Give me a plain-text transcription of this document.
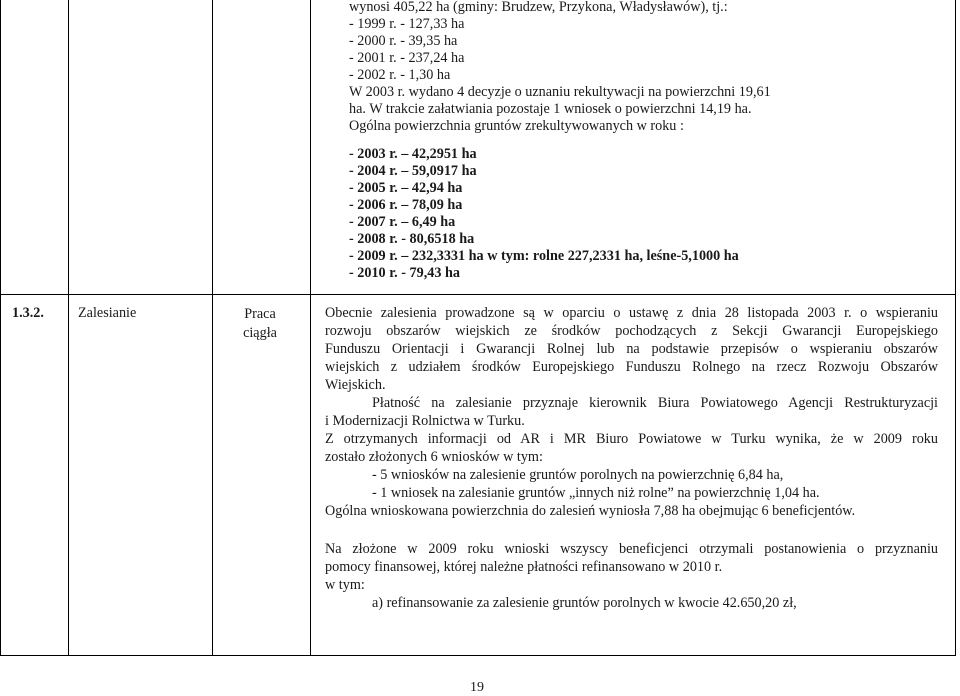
wynosi 405,22 ha (gminy: Brudzew, Przykona, Władysławów), tj.:
- 1999 r. - 127,33 ha
- 2000 r. - 39,35 ha
- 2001 r. - 237,24 ha
- 2002 r. - 1,30 ha
W 2003 r. wydano 4 decyzje o uznaniu rekultywacji na powierzchni 19,61
ha. W trakcie załatwiania pozostaje 1 wniosek o powierzchni 14,19 ha.
Ogólna powierzchnia gruntów zrekultywowanych w roku :
- 2003 r. – 42,2951 ha
- 2004 r. – 59,0917 ha
- 2005 r. – 42,94 ha
- 2006 r. – 78,09 ha
- 2007 r. – 6,49 ha
- 2008 r. - 80,6518 ha
- 2009 r. – 232,3331 ha w tym: rolne 227,2331 ha, leśne-5,1000 ha
- 2010 r. - 79,43 ha
1.3.2. Zalesianie	Praca
ciągła
Obecnie zalesienia prowadzone są w oparciu o ustawę z dnia 28 listopada 2003 r. o wspieraniu
rozwoju obszarów wiejskich ze środków pochodzących z Sekcji Gwarancji Europejskiego
Funduszu Orientacji i Gwarancji Rolnej lub na podstawie przepisów o wspieraniu obszarów
wiejskich z udziałem środków Europejskiego Funduszu Rolnego na rzecz Rozwoju Obszarów
Wiejskich.
Płatność na zalesianie przyznaje kierownik Biura Powiatowego Agencji Restrukturyzacji
i Modernizacji Rolnictwa w Turku.
Z otrzymanych informacji od AR i MR Biuro Powiatowe w Turku wynika, że w 2009 roku
zostało złożonych 6 wniosków w tym:
- 5 wniosków na zalesienie gruntów porolnych na powierzchnię 6,84 ha,
- 1 wniosek na zalesianie gruntów „innych niż rolne” na powierzchnię 1,04 ha.
Ogólna wnioskowana powierzchnia do zalesień wyniosła 7,88 ha obejmując 6 beneficjentów.
Na złożone w 2009 roku wnioski wszyscy beneficjenci otrzymali postanowienia o przyznaniu
pomocy finansowej, której należne płatności refinansowano w 2010 r.
w tym:
a) refinansowanie za zalesienie gruntów porolnych w kwocie 42.650,20 zł,
19
